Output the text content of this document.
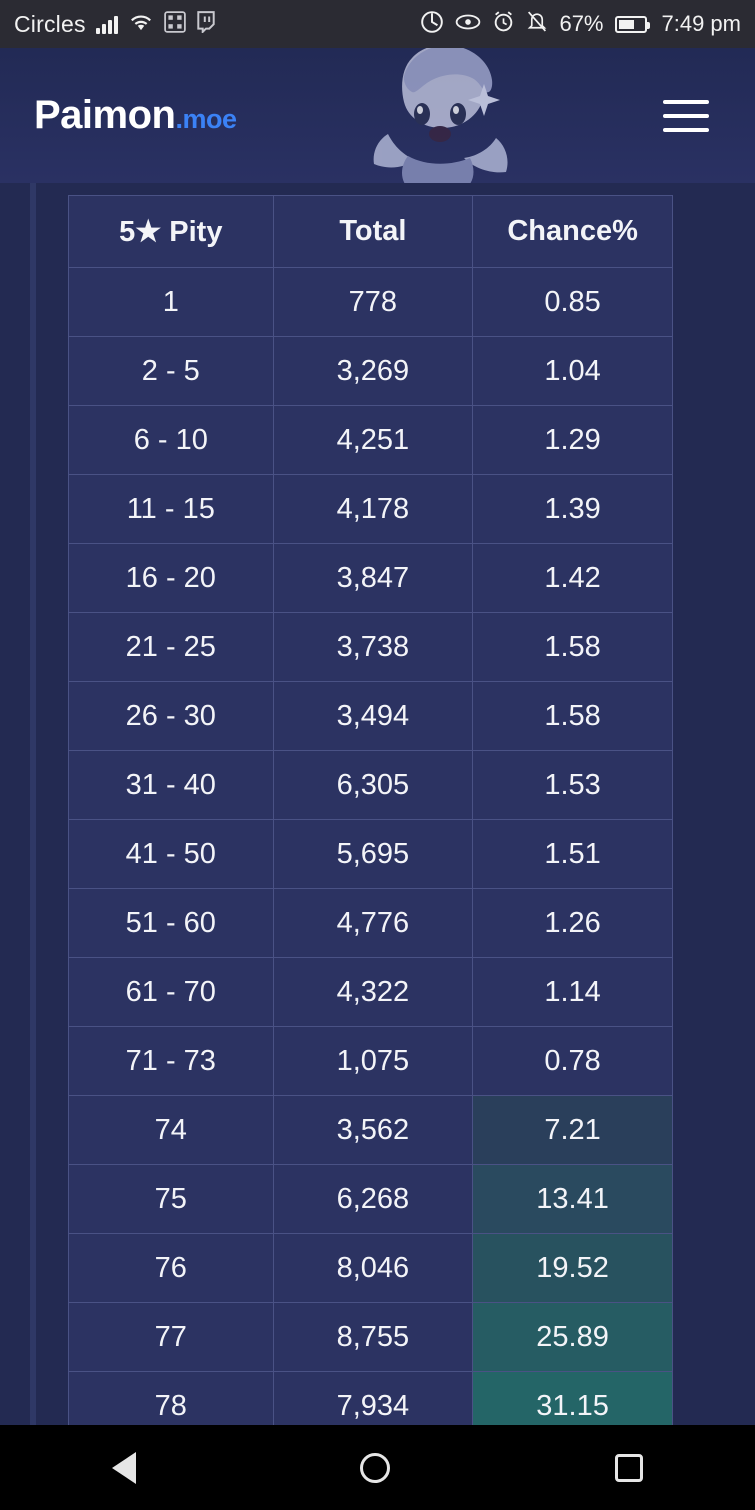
Circles	67%	7:49 pm
Paimon.moe
5★ Pity	Total	Chance%
1	778	0.85
2 - 5	3,269	1.04
6 - 10	4,251	1.29
11 - 15	4,178	1.39
16 - 20	3,847	1.42
21 - 25	3,738	1.58
26 - 30	3,494	1.58
31 - 40	6,305	1.53
41 - 50	5,695	1.51
51 - 60	4,776	1.26
61 - 70	4,322	1.14
71 - 73	1,075	0.78
74	3,562	7.21
75	6,268	13.41
76	8,046	19.52
77	8,755	25.89
78	7,934	31.15
